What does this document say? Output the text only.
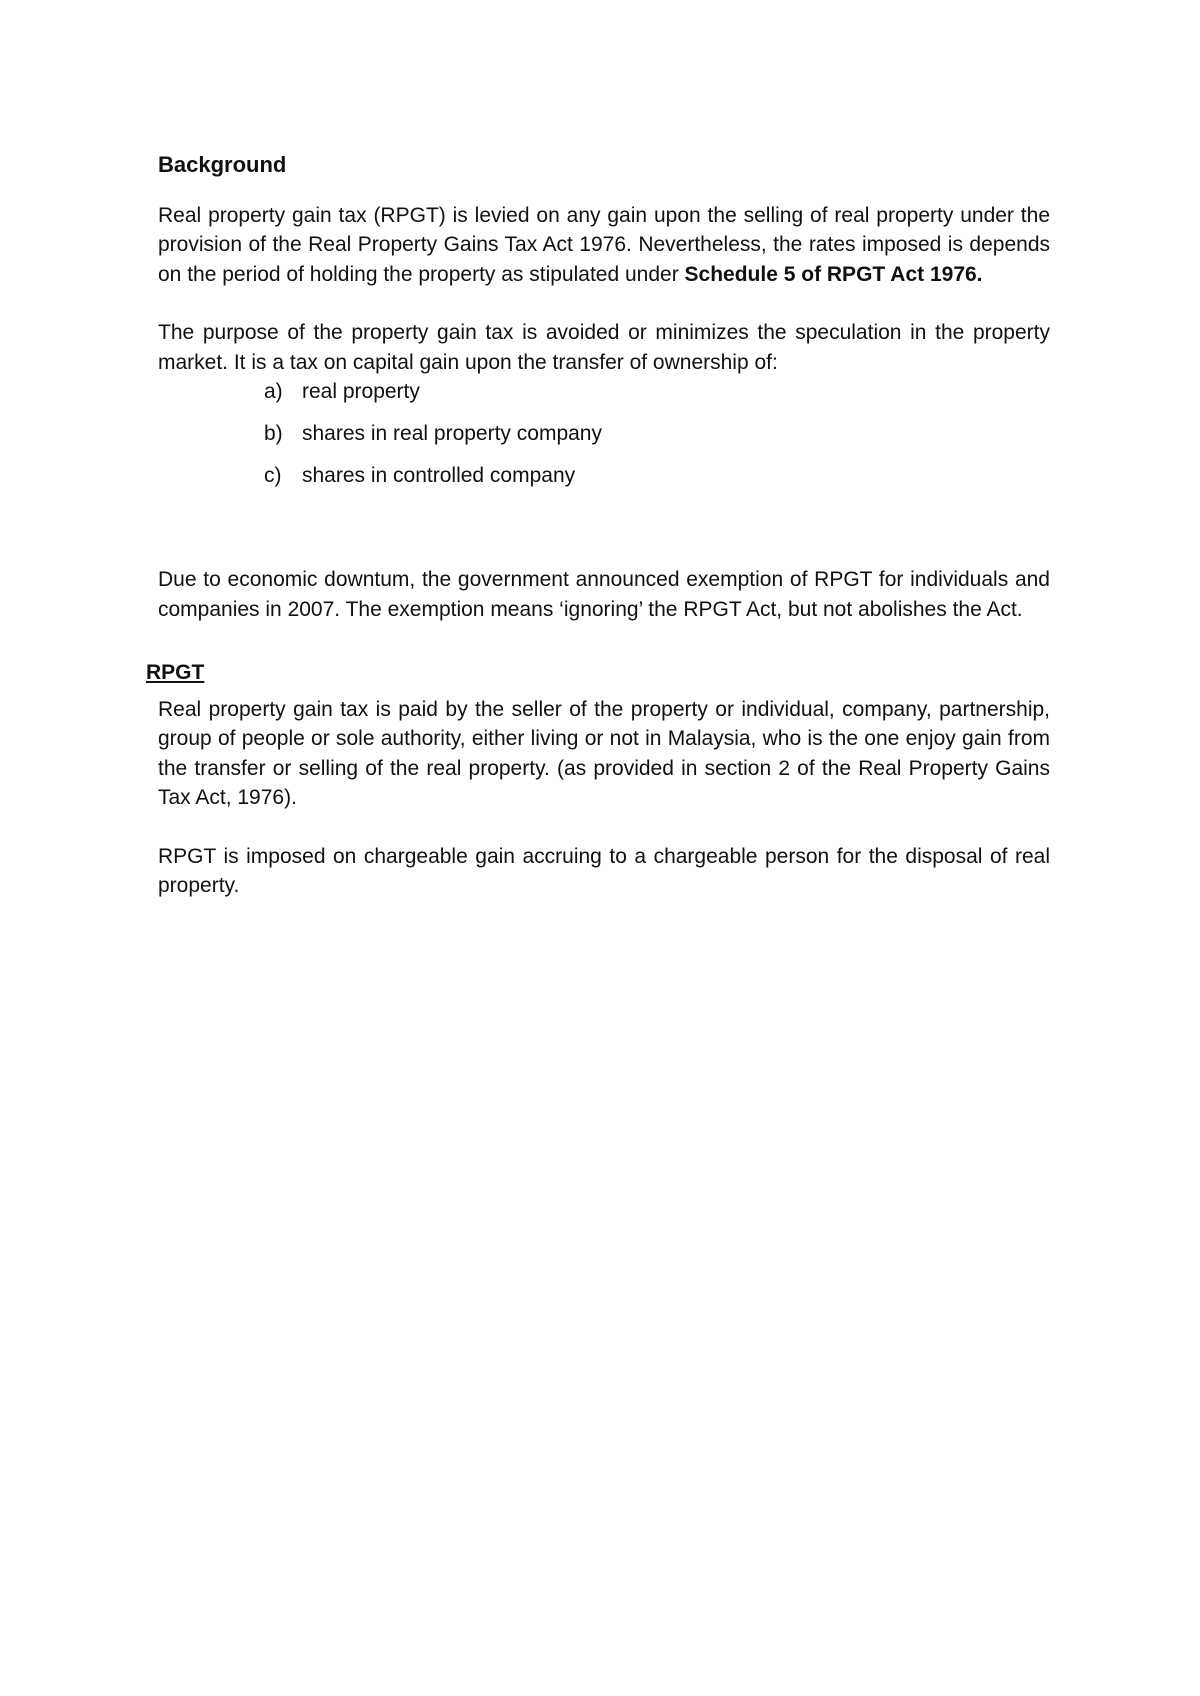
Background

Real property gain tax (RPGT) is levied on any gain upon the selling of real property under the provision of the Real Property Gains Tax Act 1976. Nevertheless, the rates imposed is depends on the period of holding the property as stipulated under Schedule 5 of RPGT Act 1976.

The purpose of the property gain tax is avoided or minimizes the speculation in the property market. It is a tax on capital gain upon the transfer of ownership of:

a) real property
b) shares in real property company
c) shares in controlled company

Due to economic downtum, the government announced exemption of RPGT for individuals and companies in 2007. The exemption means ‘ignoring’ the RPGT Act, but not abolishes the Act.

RPGT

Real property gain tax is paid by the seller of the property or individual, company, partnership, group of people or sole authority, either living or not in Malaysia, who is the one enjoy gain from the transfer or selling of the real property. (as provided in section 2 of the Real Property Gains Tax Act, 1976).

RPGT is imposed on chargeable gain accruing to a chargeable person for the disposal of real property.
